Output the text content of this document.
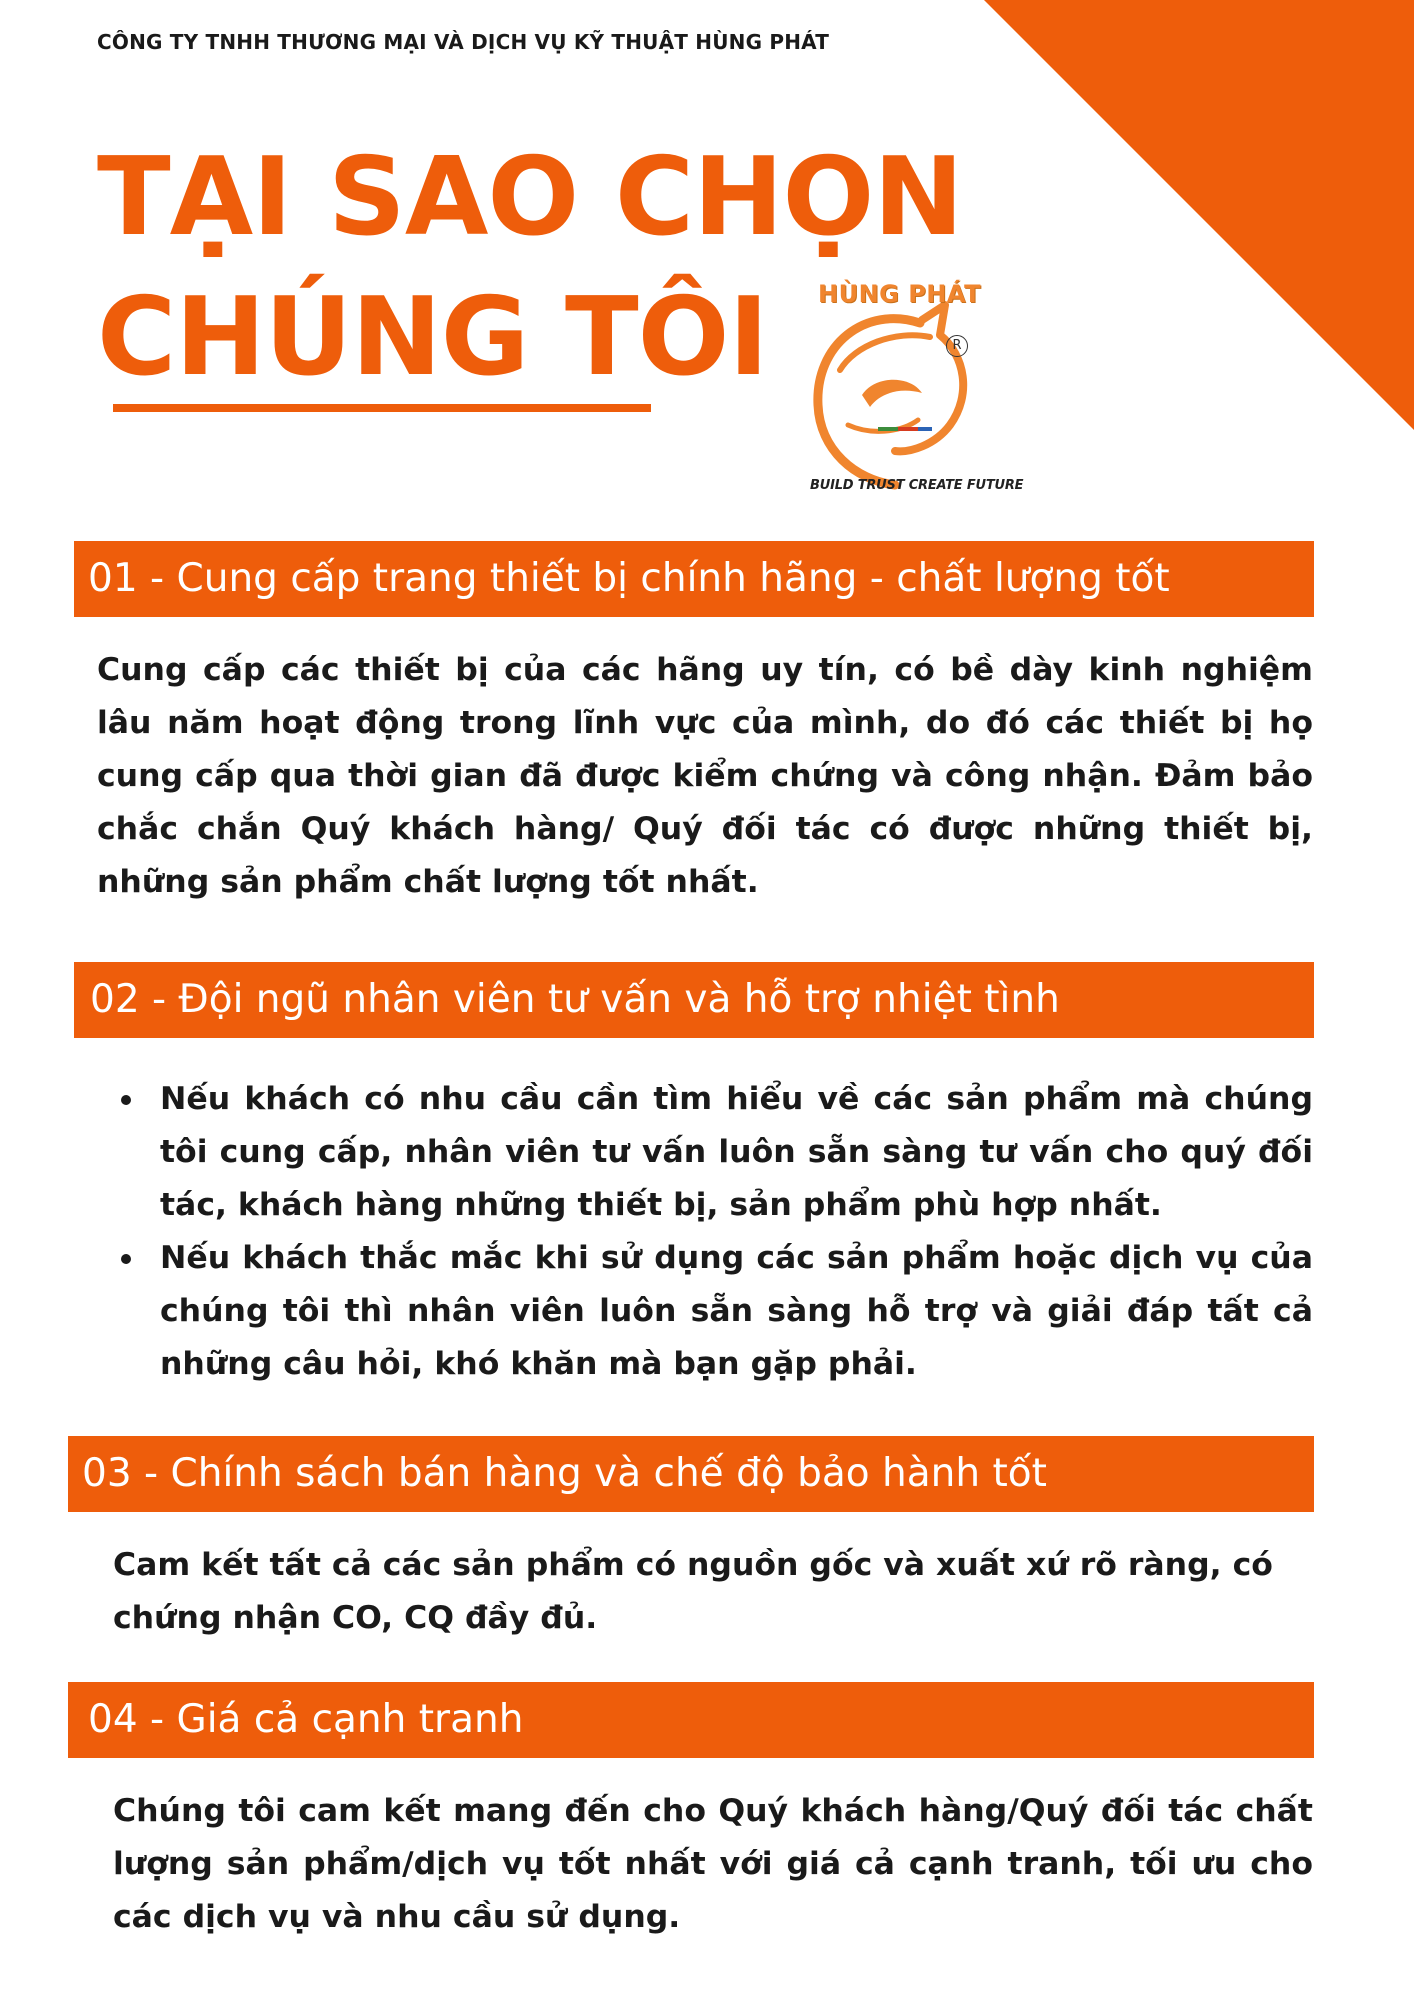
CÔNG TY TNHH THƯƠNG MẠI VÀ DỊCH VỤ KỸ THUẬT HÙNG PHÁT
TẠI SAO CHỌN
CHÚNG TÔI	HÙNG PHÁT
R
BUILD TRUST CREATE FUTURE
01 - Cung cấp trang thiết bị chính hãng - chất lượng tốt

Cung cấp các thiết bị của các hãng uy tín, có bề dày kinh nghiệm lâu năm hoạt động trong lĩnh vực của mình, do đó các thiết bị họ cung cấp qua thời gian đã được kiểm chứng và công nhận. Đảm bảo chắc chắn Quý khách hàng/ Quý đối tác có được những thiết bị, những sản phẩm chất lượng tốt nhất.

02 - Đội ngũ nhân viên tư vấn và hỗ trợ nhiệt tình
Nếu khách có nhu cầu cần tìm hiểu về các sản phẩm mà chúng tôi cung cấp, nhân viên tư vấn luôn sẵn sàng tư vấn cho quý đối tác, khách hàng những thiết bị, sản phẩm phù hợp nhất.
Nếu khách thắc mắc khi sử dụng các sản phẩm hoặc dịch vụ của chúng tôi thì nhân viên luôn sẵn sàng hỗ trợ và giải đáp tất cả những câu hỏi, khó khăn mà bạn gặp phải.
03 - Chính sách bán hàng và chế độ bảo hành tốt

Cam kết tất cả các sản phẩm có nguồn gốc và xuất xứ rõ ràng, có chứng nhận CO, CQ đầy đủ.

04 - Giá cả cạnh tranh

Chúng tôi cam kết mang đến cho Quý khách hàng/Quý đối tác chất lượng sản phẩm/dịch vụ tốt nhất với giá cả cạnh tranh, tối ưu cho các dịch vụ và nhu cầu sử dụng.
